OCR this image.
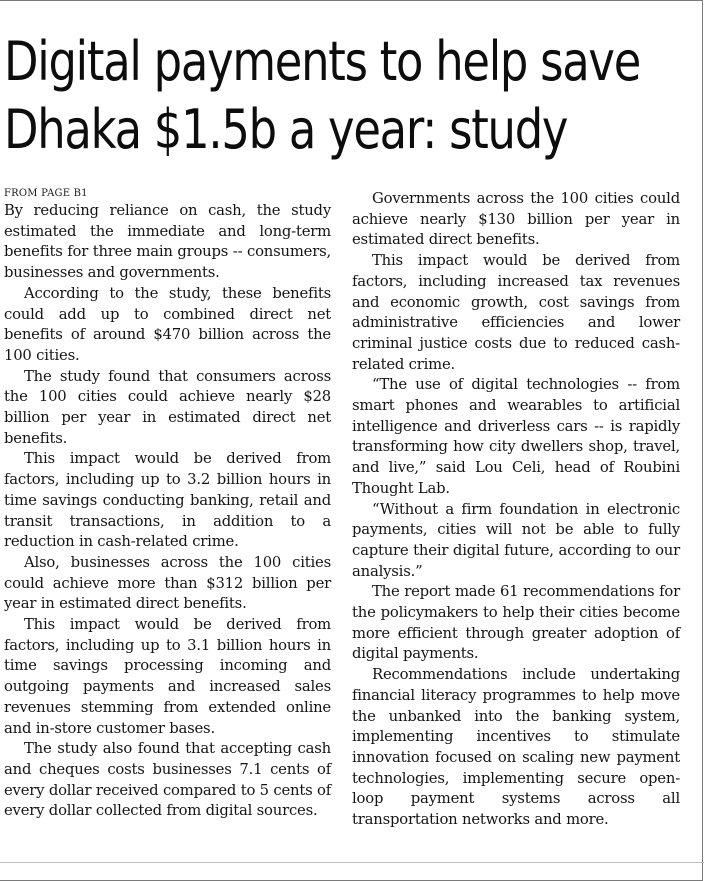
Digital payments to help save
Dhaka $1.5b a year: study
FROM PAGE B1

By reducing reliance on cash, the study estimated the immediate and long-term benefits for three main groups -- consumers, businesses and governments.

According to the study, these benefits could add up to combined direct net benefits of around $470 billion across the 100 cities.

The study found that consumers across the 100 cities could achieve nearly $28 billion per year in estimated direct net benefits.

This impact would be derived from factors, including up to 3.2 billion hours in time savings conducting banking, retail and transit transactions, in addition to a reduction in cash-related crime.

Also, businesses across the 100 cities could achieve more than $312 billion per year in estimated direct benefits.

This impact would be derived from factors, including up to 3.1 billion hours in time savings processing incoming and outgoing payments and increased sales revenues stemming from extended online and in-store customer bases.

The study also found that accepting cash and cheques costs businesses 7.1 cents of every dollar received compared to 5 cents of every dollar collected from digital sources.

Governments across the 100 cities could achieve nearly $130 billion per year in estimated direct benefits.

This impact would be derived from factors, including increased tax revenues and economic growth, cost savings from administrative efficiencies and lower criminal justice costs due to reduced cash-related crime.

“The use of digital technologies -- from smart phones and wearables to artificial intelligence and driverless cars -- is rapidly transforming how city dwellers shop, travel, and live,” said Lou Celi, head of Roubini Thought Lab.

“Without a firm foundation in electronic payments, cities will not be able to fully capture their digital future, according to our analysis.”

The report made 61 recommendations for the policymakers to help their cities become more efficient through greater adoption of digital payments.

Recommendations include undertaking financial literacy programmes to help move the unbanked into the banking system, implementing incentives to stimulate innovation focused on scaling new payment technologies, implementing secure open-loop payment systems across all transportation networks and more.
